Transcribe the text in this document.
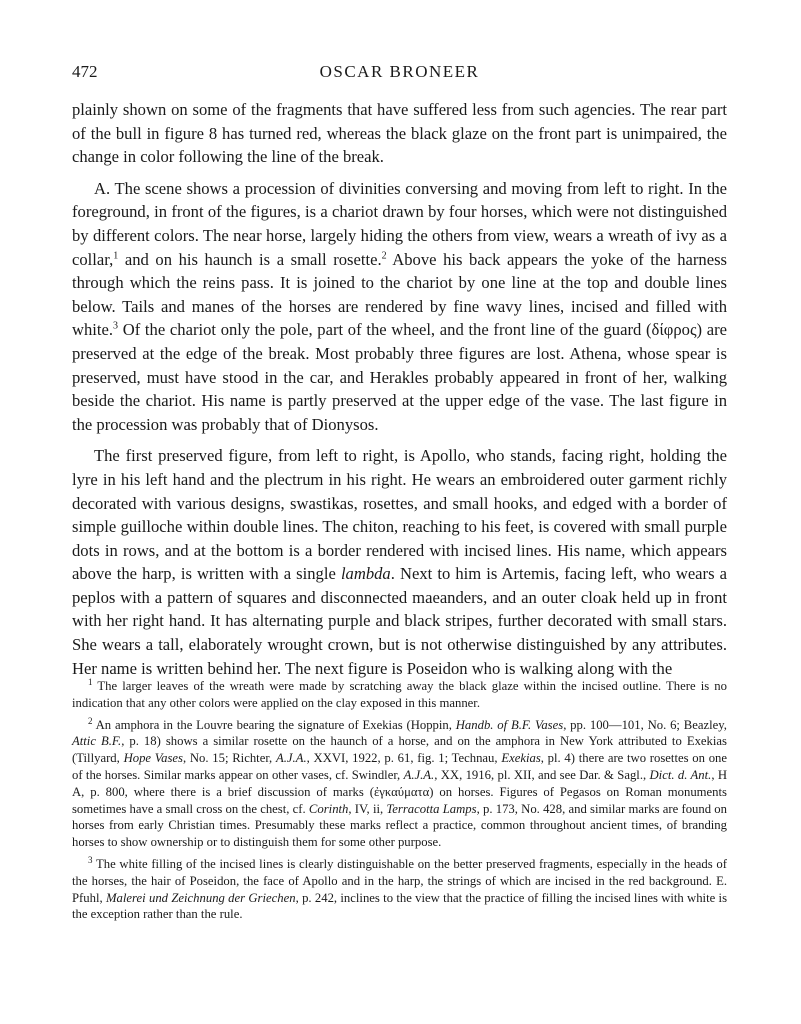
472	OSCAR BRONEER

plainly shown on some of the fragments that have suffered less from such agencies. The rear part of the bull in figure 8 has turned red, whereas the black glaze on the front part is unimpaired, the change in color following the line of the break.

A. The scene shows a procession of divinities conversing and moving from left to right. In the foreground, in front of the figures, is a chariot drawn by four horses, which were not distinguished by different colors. The near horse, largely hiding the others from view, wears a wreath of ivy as a collar,$^1$ and on his haunch is a small rosette.$^2$ Above his back appears the yoke of the harness through which the reins pass. It is joined to the chariot by one line at the top and double lines below. Tails and manes of the horses are rendered by fine wavy lines, incised and filled with white.$^3$ Of the chariot only the pole, part of the wheel, and the front line of the guard (δίφρος) are preserved at the edge of the break. Most probably three figures are lost. Athena, whose spear is preserved, must have stood in the car, and Herakles probably appeared in front of her, walking beside the chariot. His name is partly preserved at the upper edge of the vase. The last figure in the procession was probably that of Dionysos.

The first preserved figure, from left to right, is Apollo, who stands, facing right, holding the lyre in his left hand and the plectrum in his right. He wears an embroidered outer garment richly decorated with various designs, swastikas, rosettes, and small hooks, and edged with a border of simple guilloche within double lines. The chiton, reaching to his feet, is covered with small purple dots in rows, and at the bottom is a border rendered with incised lines. His name, which appears above the harp, is written with a single lambda. Next to him is Artemis, facing left, who wears a peplos with a pattern of squares and disconnected maeanders, and an outer cloak held up in front with her right hand. It has alternating purple and black stripes, further decorated with small stars. She wears a tall, elaborately wrought crown, but is not otherwise distinguished by any attributes. Her name is written behind her. The next figure is Poseidon who is walking along with the

$^1$ The larger leaves of the wreath were made by scratching away the black glaze within the incised outline. There is no indication that any other colors were applied on the clay exposed in this manner.

$^2$ An amphora in the Louvre bearing the signature of Exekias (Hoppin, Handb. of B.F. Vases, pp. 100—101, No. 6; Beazley, Attic B.F., p. 18) shows a similar rosette on the haunch of a horse, and on the amphora in New York attributed to Exekias (Tillyard, Hope Vases, No. 15; Richter, A.J.A., XXVI, 1922, p. 61, fig. 1; Technau, Exekias, pl. 4) there are two rosettes on one of the horses. Similar marks appear on other vases, cf. Swindler, A.J.A., XX, 1916, pl. XII, and see Dar. & Sagl., Dict. d. Ant., H A, p. 800, where there is a brief discussion of marks (ἐγκαύματα) on horses. Figures of Pegasos on Roman monuments sometimes have a small cross on the chest, cf. Corinth, IV, ii, Terracotta Lamps, p. 173, No. 428, and similar marks are found on horses from early Christian times. Presumably these marks reflect a practice, common throughout ancient times, of branding horses to show ownership or to distinguish them for some other purpose.

$^3$ The white filling of the incised lines is clearly distinguishable on the better preserved fragments, especially in the heads of the horses, the hair of Poseidon, the face of Apollo and in the harp, the strings of which are incised in the red background. E. Pfuhl, Malerei und Zeichnung der Griechen, p. 242, inclines to the view that the practice of filling the incised lines with white is the exception rather than the rule.
